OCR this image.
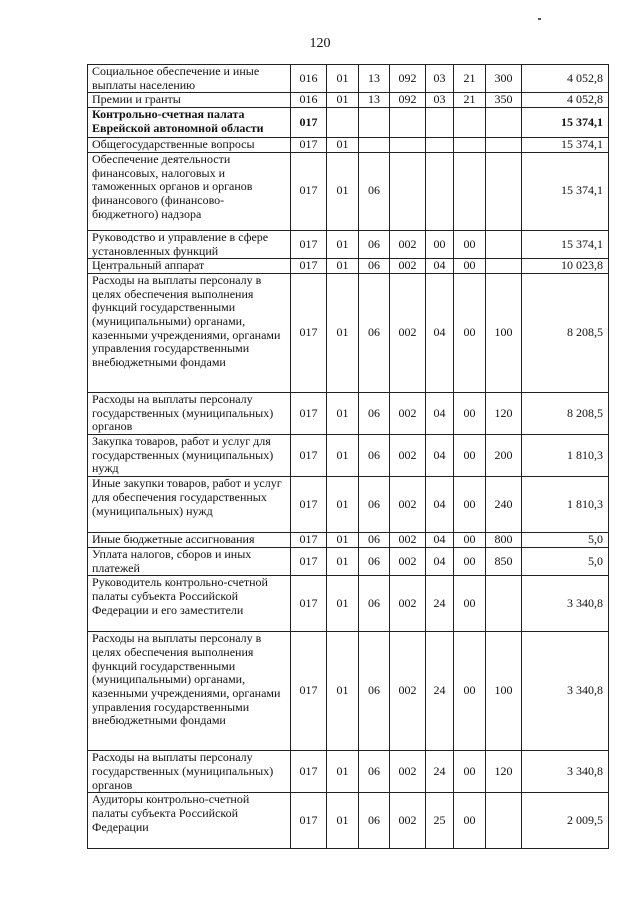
120
Социальное обеспечение и иные выплаты населению	016	01	13	092	03	21	300	4 052,8
Премии и гранты	016	01	13	092	03	21	350	4 052,8
Контрольно-счетная палата Еврейской автономной области	017							15 374,1
Общегосударственные вопросы	017	01						15 374,1
Обеспечение деятельности финансовых, налоговых и таможенных органов и органов финансового (финансово-бюджетного) надзора	017	01	06					15 374,1
Руководство и управление в сфере установленных функций	017	01	06	002	00	00		15 374,1
Центральный аппарат	017	01	06	002	04	00		10 023,8
Расходы на выплаты персоналу в целях обеспечения выполнения функций государственными (муниципальными) органами, казенными учреждениями, органами управления государственными внебюджетными фондами	017	01	06	002	04	00	100	8 208,5
Расходы на выплаты персоналу государственных (муниципальных) органов	017	01	06	002	04	00	120	8 208,5
Закупка товаров, работ и услуг для государственных (муниципальных) нужд	017	01	06	002	04	00	200	1 810,3
Иные закупки товаров, работ и услуг для обеспечения государственных (муниципальных) нужд	017	01	06	002	04	00	240	1 810,3
Иные бюджетные ассигнования	017	01	06	002	04	00	800	5,0
Уплата налогов, сборов и иных платежей	017	01	06	002	04	00	850	5,0
Руководитель контрольно-счетной палаты субъекта Российской Федерации и его заместители	017	01	06	002	24	00		3 340,8
Расходы на выплаты персоналу в целях обеспечения выполнения функций государственными (муниципальными) органами, казенными учреждениями, органами управления государственными внебюджетными фондами	017	01	06	002	24	00	100	3 340,8
Расходы на выплаты персоналу государственных (муниципальных) органов	017	01	06	002	24	00	120	3 340,8
Аудиторы контрольно-счетной палаты субъекта Российской Федерации	017	01	06	002	25	00		2 009,5
